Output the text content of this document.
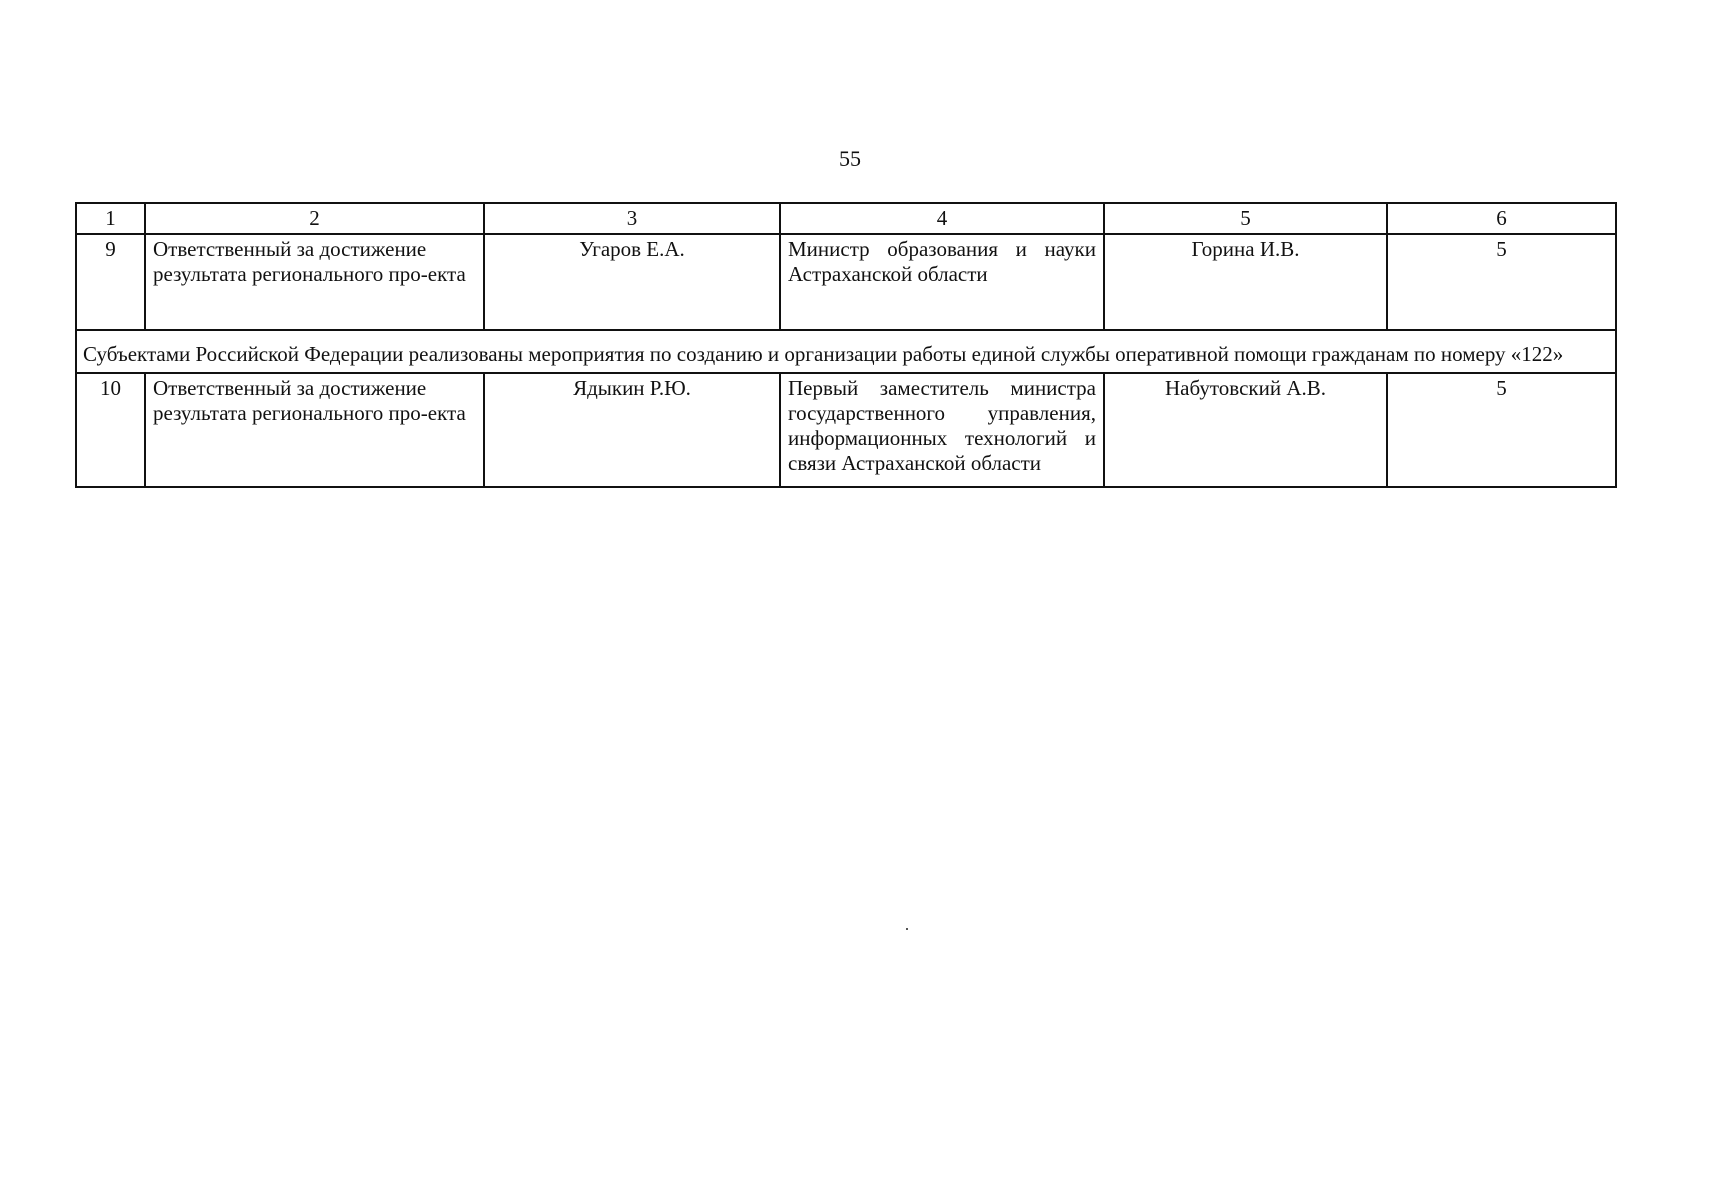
55
1	2	3	4	5	6
9	Ответственный за достижение результата регионального про-екта	Угаров Е.А.	Министр образования и науки Астраханской области	Горина И.В.	5
Субъектами Российской Федерации реализованы мероприятия по созданию и организации работы единой службы оперативной помощи гражданам по номеру «122»					
10	Ответственный за достижение результата регионального про-екта	Ядыкин Р.Ю.	Первый заместитель министра государственного управления, информационных технологий и связи Астраханской области	Набутовский А.В.	5
